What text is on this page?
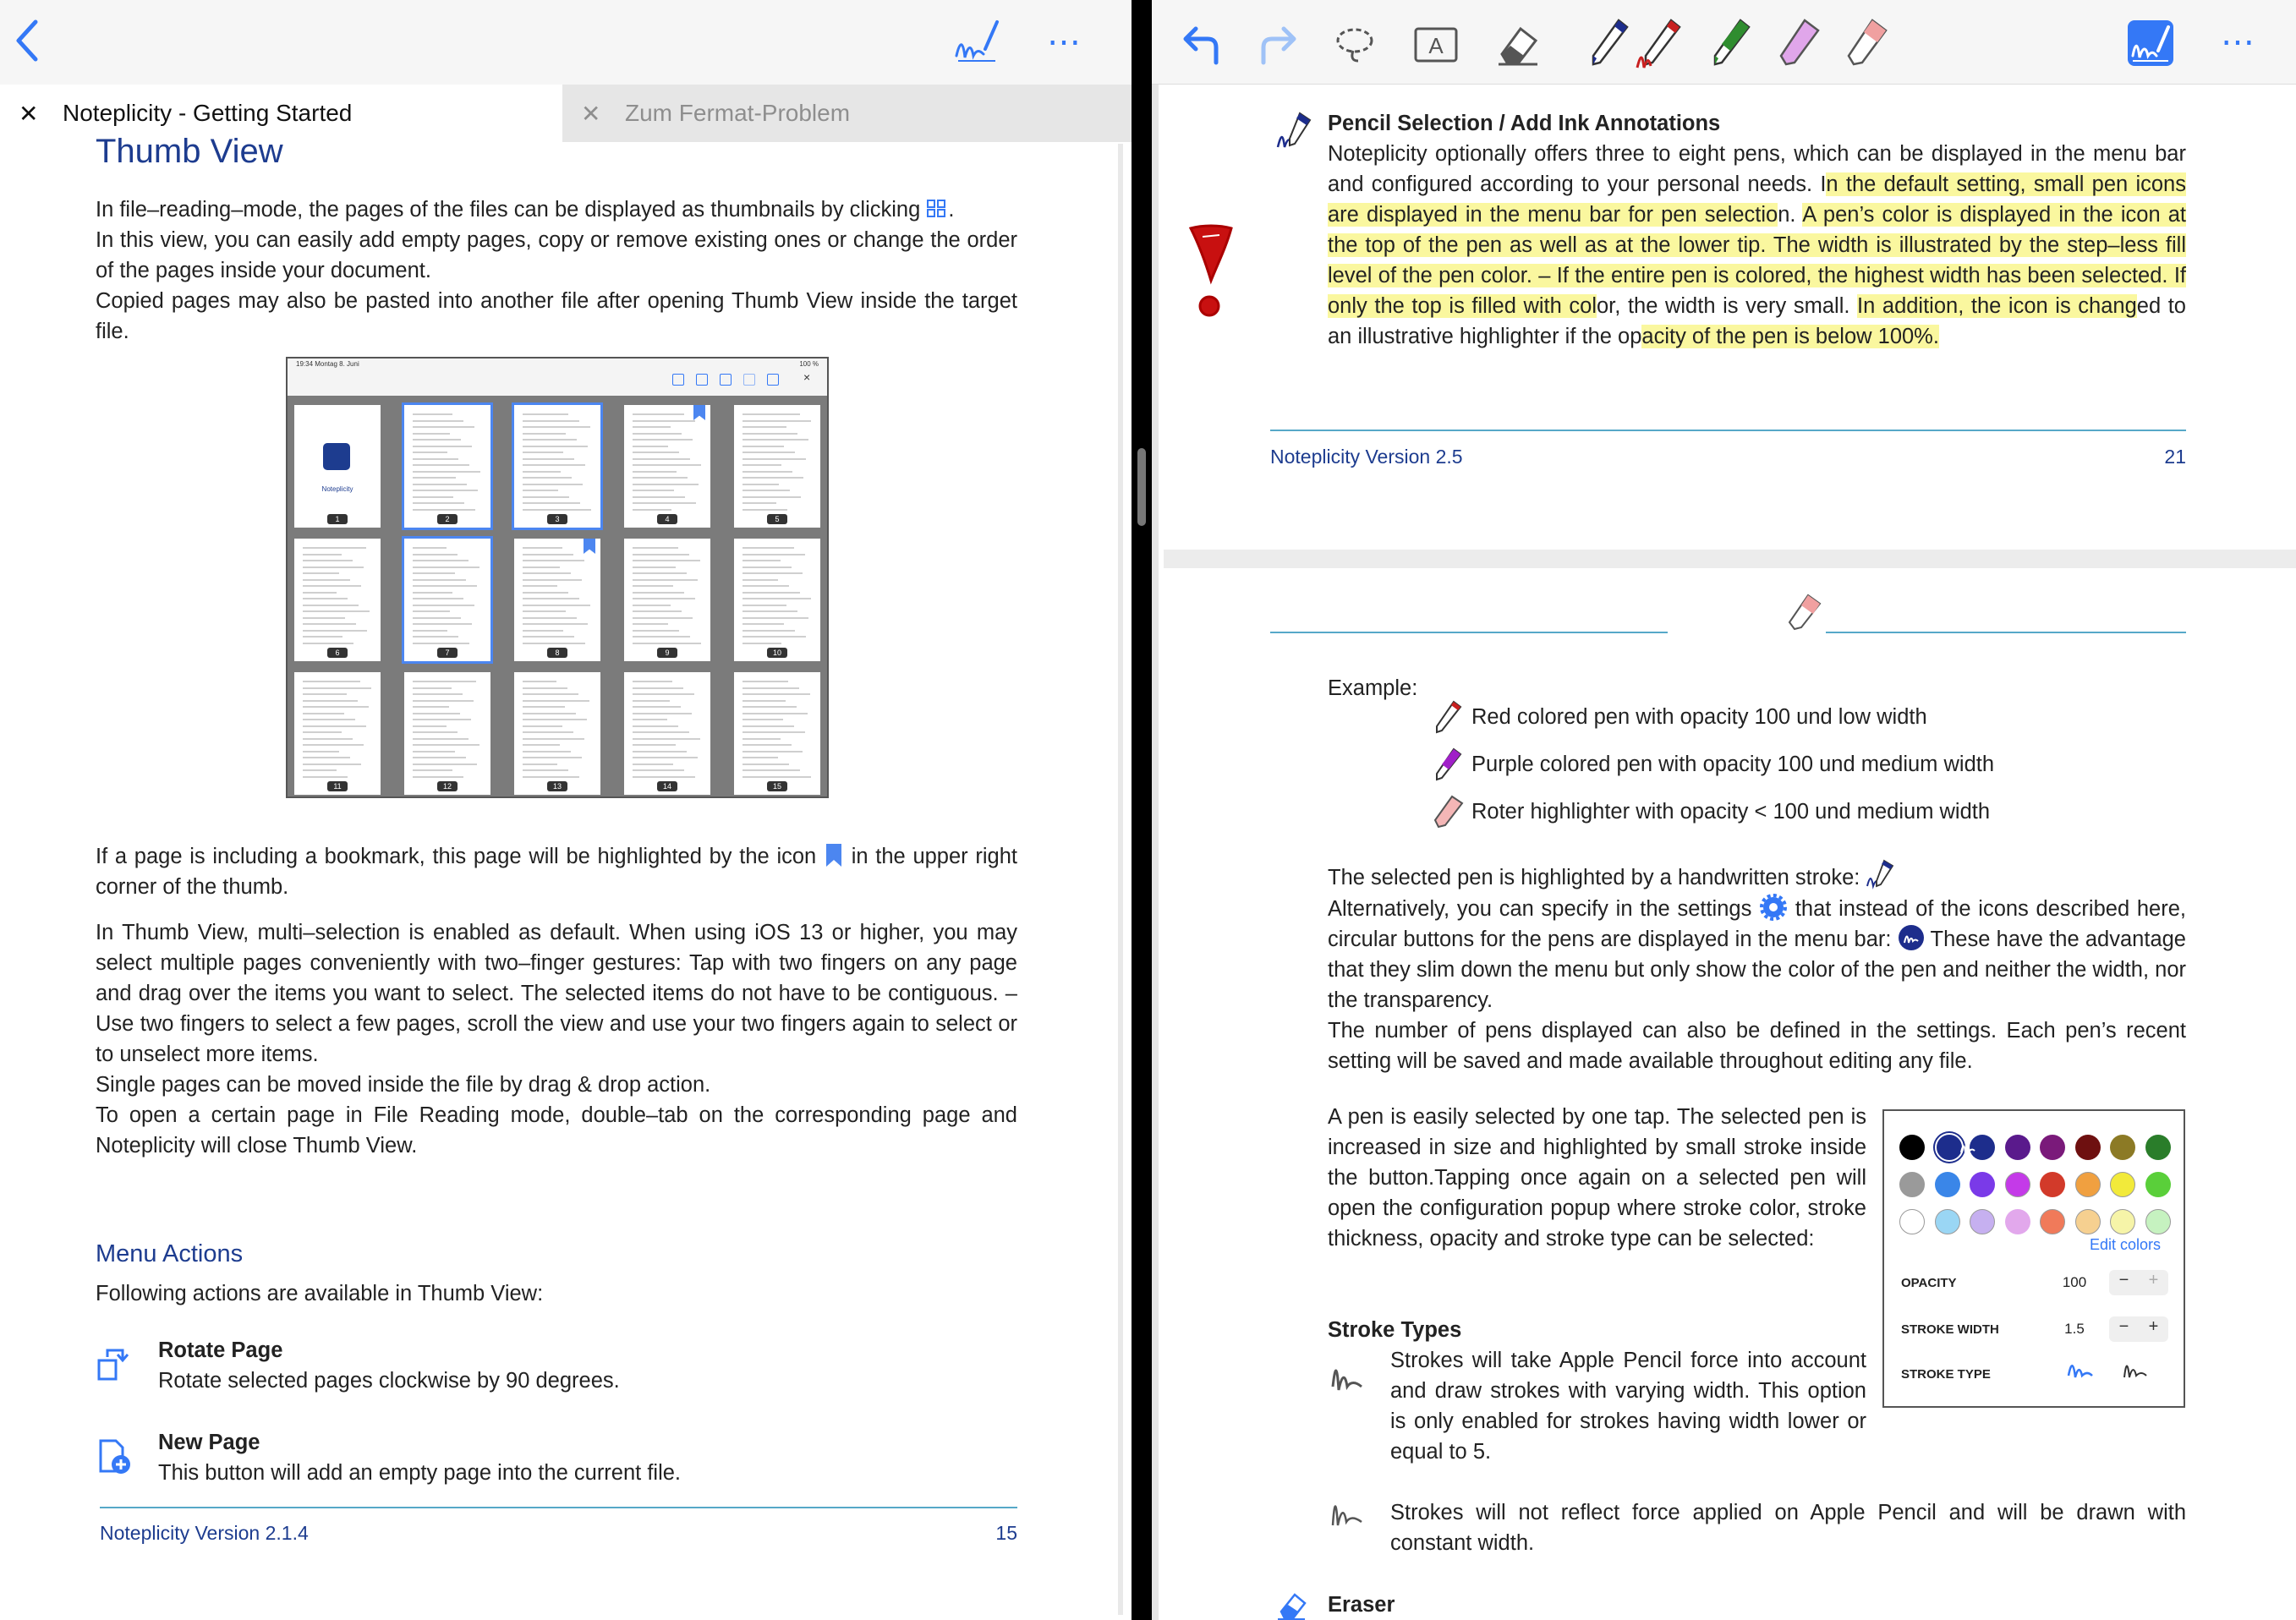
⋯
✕	Noteplicity - Getting Started	✕	Zum Fermat-Problem
Thumb View
In file–reading–mode, the pages of the files can be displayed as thumbnails by clicking .
In this view, you can easily add empty pages, copy or remove existing ones or change the order of the pages inside your document.
Copied pages may also be pasted into another file after opening Thumb View inside the target file.
19:34 Montag 8. Juni	100 %
×
Noteplicity
1	2	3	4	5
6	7	8	9	10
11	12	13	14	15
If a page is including a bookmark, this page will be highlighted by the icon  in the upper right corner of the thumb.
In Thumb View, multi–selection is enabled as default. When using iOS 13 or higher, you may select multiple pages conveniently with two–finger gestures: Tap with two fingers on any page and drag over the items you want to select. The selected items do not have to be contiguous. – Use two fingers to select a few pages, scroll the view and use your two fingers again to select or to unselect more items.
Single pages can be moved inside the file by drag & drop action.
To open a certain page in File Reading mode, double–tab on the corresponding page and Noteplicity will close Thumb View.
Menu Actions
Following actions are available in Thumb View:
Rotate Page
Rotate selected pages clockwise by 90 degrees.
New Page
This button will add an empty page into the current file.
Noteplicity Version 2.1.4	15
A	⋯
Pencil Selection / Add Ink Annotations
Noteplicity optionally offers three to eight pens, which can be displayed in the menu bar and configured according to your personal needs. In the default setting, small pen icons are displayed in the menu bar for pen selection. A pen’s color is displayed in the icon at the top of the pen as well as at the lower tip. The width is illustrated by the step–less fill level of the pen color. – If the entire pen is colored, the highest width has been selected. If only the top is filled with color, the width is very small. In addition, the icon is changed to an illustrative highlighter if the opacity of the pen is below 100%.
Noteplicity Version 2.5	21
Example:
Red colored pen with opacity 100 und low width
Purple colored pen with opacity 100 und medium width
Roter highlighter with opacity < 100 und medium width
The selected pen is highlighted by a handwritten stroke:
Alternatively, you can specify in the settings  that instead of the icons described here, circular buttons for the pens are displayed in the menu bar:  These have the advantage that they slim down the menu but only show the color of the pen and neither the width, nor the transparency.
The number of pens displayed can also be defined in the settings. Each pen’s recent setting will be saved and made available throughout editing any file.
A pen is easily selected by one tap. The selected pen is increased in size and highlighted by small stroke inside the button.Tapping once again on a selected pen will open the configuration popup where stroke color, stroke thickness, opacity and stroke type can be selected:	Edit colors
OPACITY	100	−	+
STROKE WIDTH	1.5	−	+
STROKE TYPE
Stroke Types
Strokes will take Apple Pencil force into account and draw strokes with varying width. This option is only enabled for strokes having width lower or equal to 5.
Strokes will not reflect force applied on Apple Pencil and will be drawn with constant width.
Eraser
